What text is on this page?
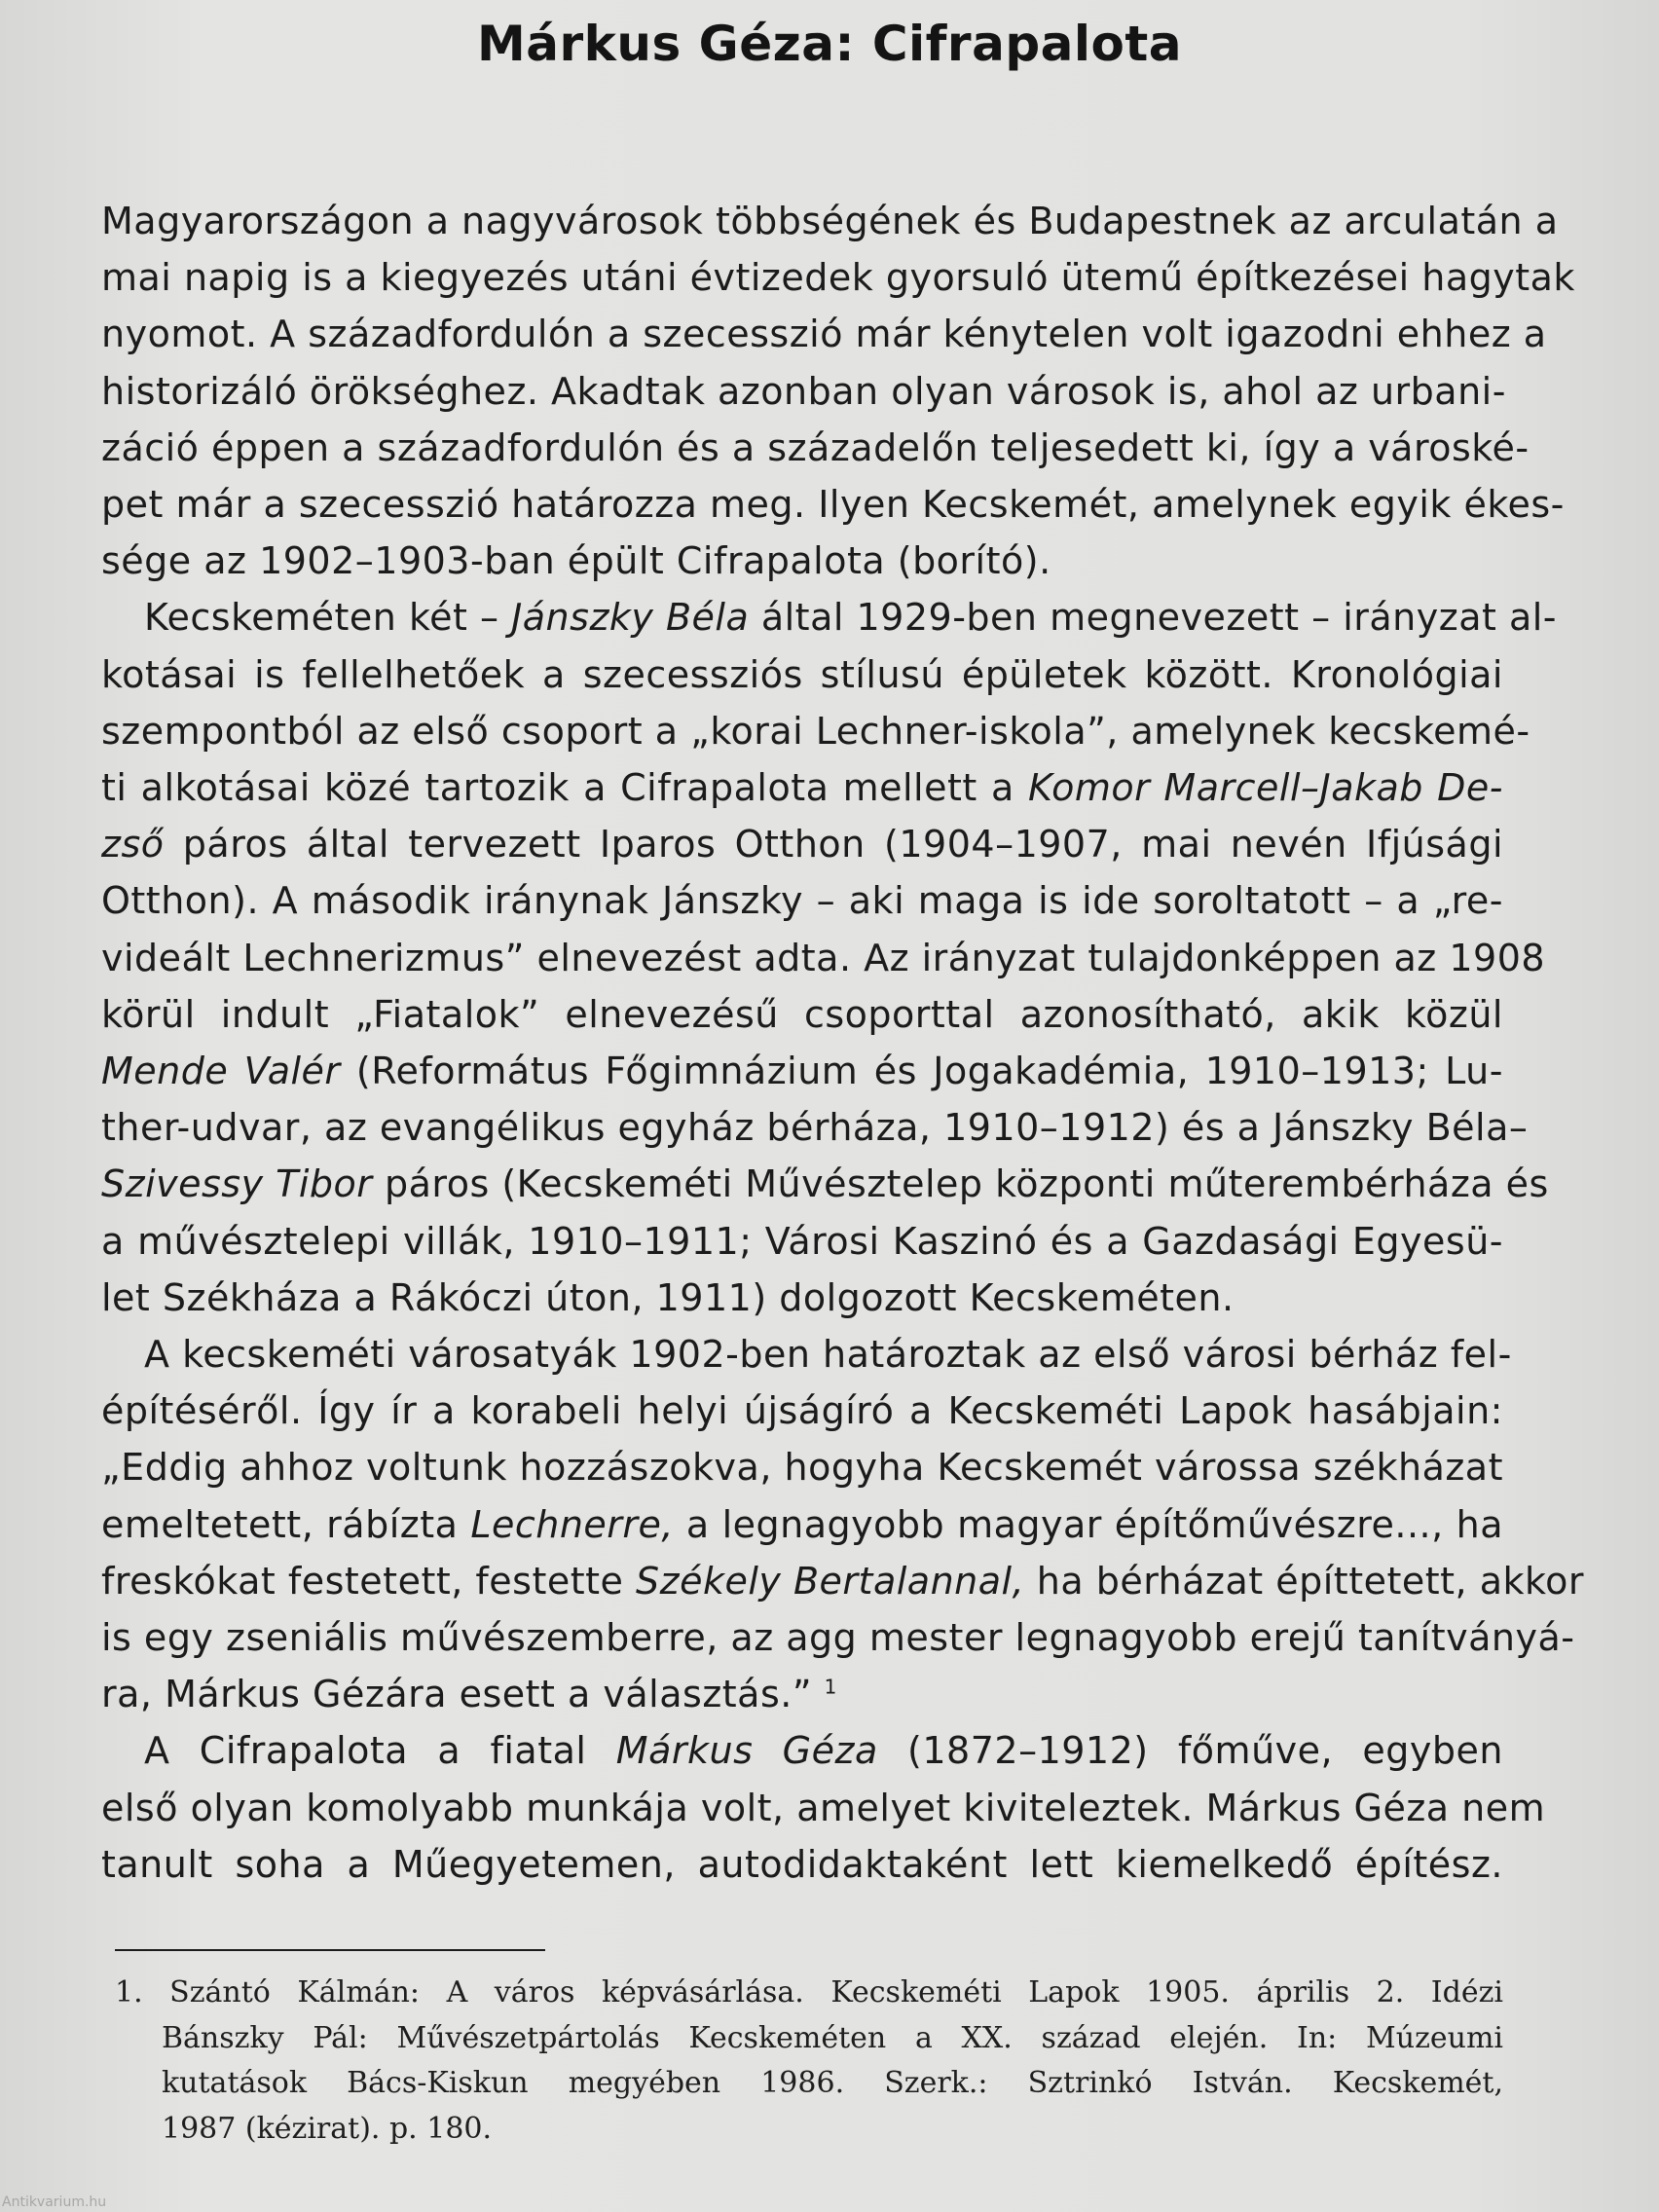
Márkus Géza: Cifrapalota

Magyarországon a nagyvárosok többségének és Budapestnek az arculatán a

mai napig is a kiegyezés utáni évtizedek gyorsuló ütemű építkezései hagytak

nyomot. A századfordulón a szecesszió már kénytelen volt igazodni ehhez a

historizáló örökséghez. Akadtak azonban olyan városok is, ahol az urbani-

záció éppen a századfordulón és a századelőn teljesedett ki, így a városké-

pet már a szecesszió határozza meg. Ilyen Kecskemét, amelynek egyik ékes-

sége az 1902–1903-ban épült Cifrapalota (borító).

Kecskeméten két – Jánszky Béla által 1929-ben megnevezett – irányzat al-

kotásai is fellelhetőek a szecessziós stílusú épületek között. Kronológiai

szempontból az első csoport a „korai Lechner-iskola”, amelynek kecskemé-

ti alkotásai közé tartozik a Cifrapalota mellett a Komor Marcell–Jakab De-

zső páros által tervezett Iparos Otthon (1904–1907, mai nevén Ifjúsági

Otthon). A második iránynak Jánszky – aki maga is ide soroltatott – a „re-

videált Lechnerizmus” elnevezést adta. Az irányzat tulajdonképpen az 1908

körül indult „Fiatalok” elnevezésű csoporttal azonosítható, akik közül

Mende Valér (Református Főgimnázium és Jogakadémia, 1910–1913; Lu-

ther-udvar, az evangélikus egyház bérháza, 1910–1912) és a Jánszky Béla–

Szivessy Tibor páros (Kecskeméti Művésztelep központi műterembérháza és

a művésztelepi villák, 1910–1911; Városi Kaszinó és a Gazdasági Egyesü-

let Székháza a Rákóczi úton, 1911) dolgozott Kecskeméten.

A kecskeméti városatyák 1902-ben határoztak az első városi bérház fel-

építéséről. Így ír a korabeli helyi újságíró a Kecskeméti Lapok hasábjain:

„Eddig ahhoz voltunk hozzászokva, hogyha Kecskemét várossa székházat

emeltetett, rábízta Lechnerre, a legnagyobb magyar építőművészre..., ha

freskókat festetett, festette Székely Bertalannal, ha bérházat építtetett, akkor

is egy zseniális művészemberre, az agg mester legnagyobb erejű tanítványá-

ra, Márkus Gézára esett a választás.” $^1$

A Cifrapalota a fiatal Márkus Géza (1872–1912) főműve, egyben

első olyan komolyabb munkája volt, amelyet kiviteleztek. Márkus Géza nem

tanult soha a Műegyetemen, autodidaktaként lett kiemelkedő építész.

1. Szántó Kálmán: A város képvásárlása. Kecskeméti Lapok 1905. április 2. Idézi

Bánszky Pál: Művészetpártolás Kecskeméten a XX. század elején. In: Múzeumi

kutatások Bács-Kiskun megyében 1986. Szerk.: Sztrinkó István. Kecskemét,

1987 (kézirat). p. 180.

Antikvarium.hu
